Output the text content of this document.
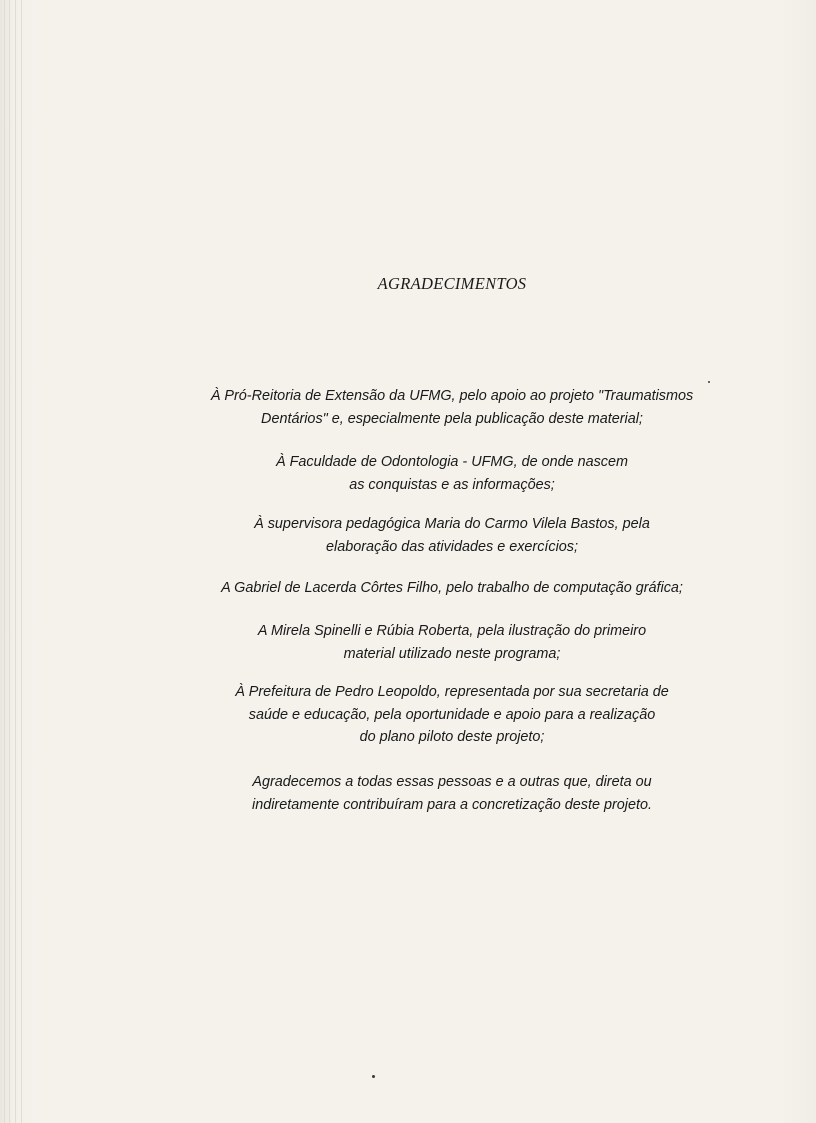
AGRADECIMENTOS

À Pró-Reitoria de Extensão da UFMG, pelo apoio ao projeto "Traumatismos
Dentários" e, especialmente pela publicação deste material;

À Faculdade de Odontologia - UFMG, de onde nascem
as conquistas e as informações;

À supervisora pedagógica Maria do Carmo Vilela Bastos, pela
elaboração das atividades e exercícios;

A Gabriel de Lacerda Côrtes Filho, pelo trabalho de computação gráfica;

A Mirela Spinelli e Rúbia Roberta, pela ilustração do primeiro
material utilizado neste programa;

À Prefeitura de Pedro Leopoldo, representada por sua secretaria de
saúde e educação, pela oportunidade e apoio para a realização
do plano piloto deste projeto;

Agradecemos a todas essas pessoas e a outras que, direta ou
indiretamente contribuíram para a concretização deste projeto.
